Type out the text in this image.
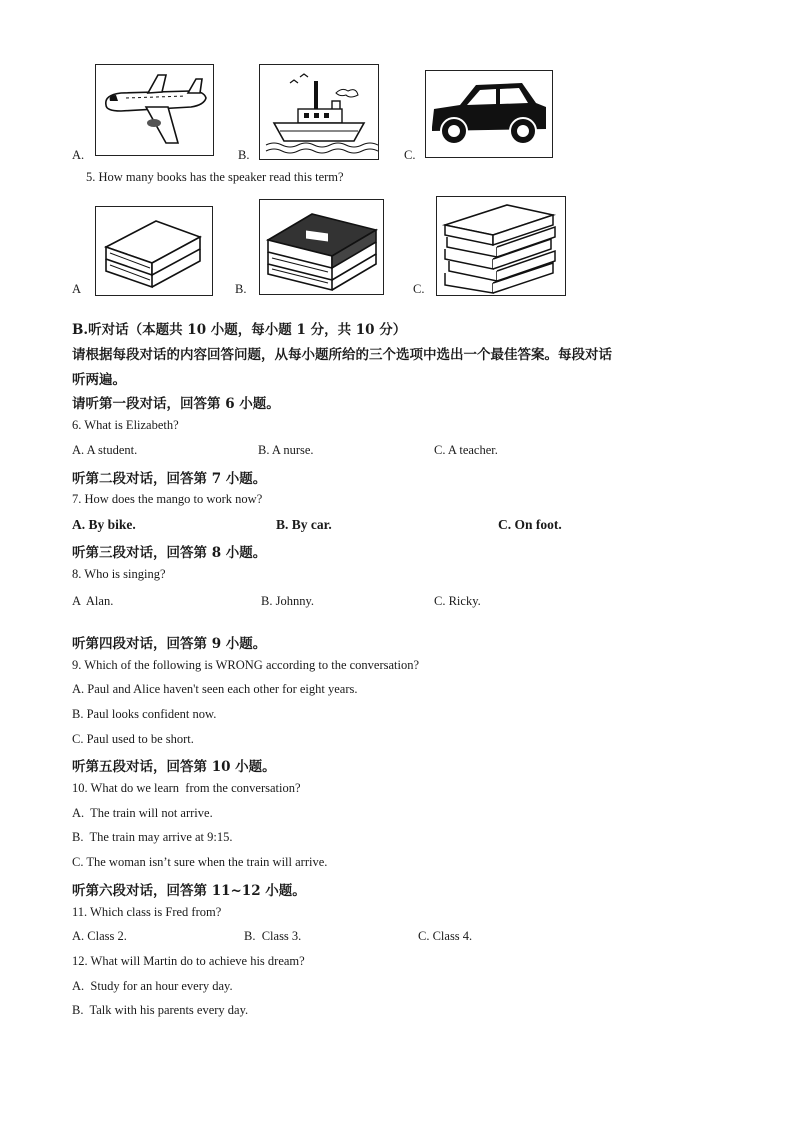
A.	B.	C.
5. How many books has the speaker read this term?
A	B.	C.
B.听对话（本题共 10 小题，每小题 1 分，共 10 分）
请根据每段对话的内容回答问题，从每小题所给的三个选项中选出一个最佳答案。每段对话
听两遍。
请听第一段对话，回答第 6 小题。
6. What is Elizabeth?
A. A student.	B. A nurse.	C. A teacher.
听第二段对话，回答第 7 小题。
7. How does the mango to work now?
A. By bike.	B. By car.	C. On foot.
听第三段对话，回答第 8 小题。
8. Who is singing?
A  Alan.	B. Johnny.	C. Ricky.
听第四段对话，回答第 9 小题。
9. Which of the following is WRONG according to the conversation?
A. Paul and Alice haven't seen each other for eight years.
B. Paul looks confident now.
C. Paul used to be short.
听第五段对话，回答第 10 小题。
10. What do we learn  from the conversation?
A.  The train will not arrive.
B.  The train may arrive at 9:15.
C. The woman isn’t sure when the train will arrive.
听第六段对话，回答第 11~12 小题。
11. Which class is Fred from?
A. Class 2.	B.  Class 3.	C. Class 4.
12. What will Martin do to achieve his dream?
A.  Study for an hour every day.
B.  Talk with his parents every day.
